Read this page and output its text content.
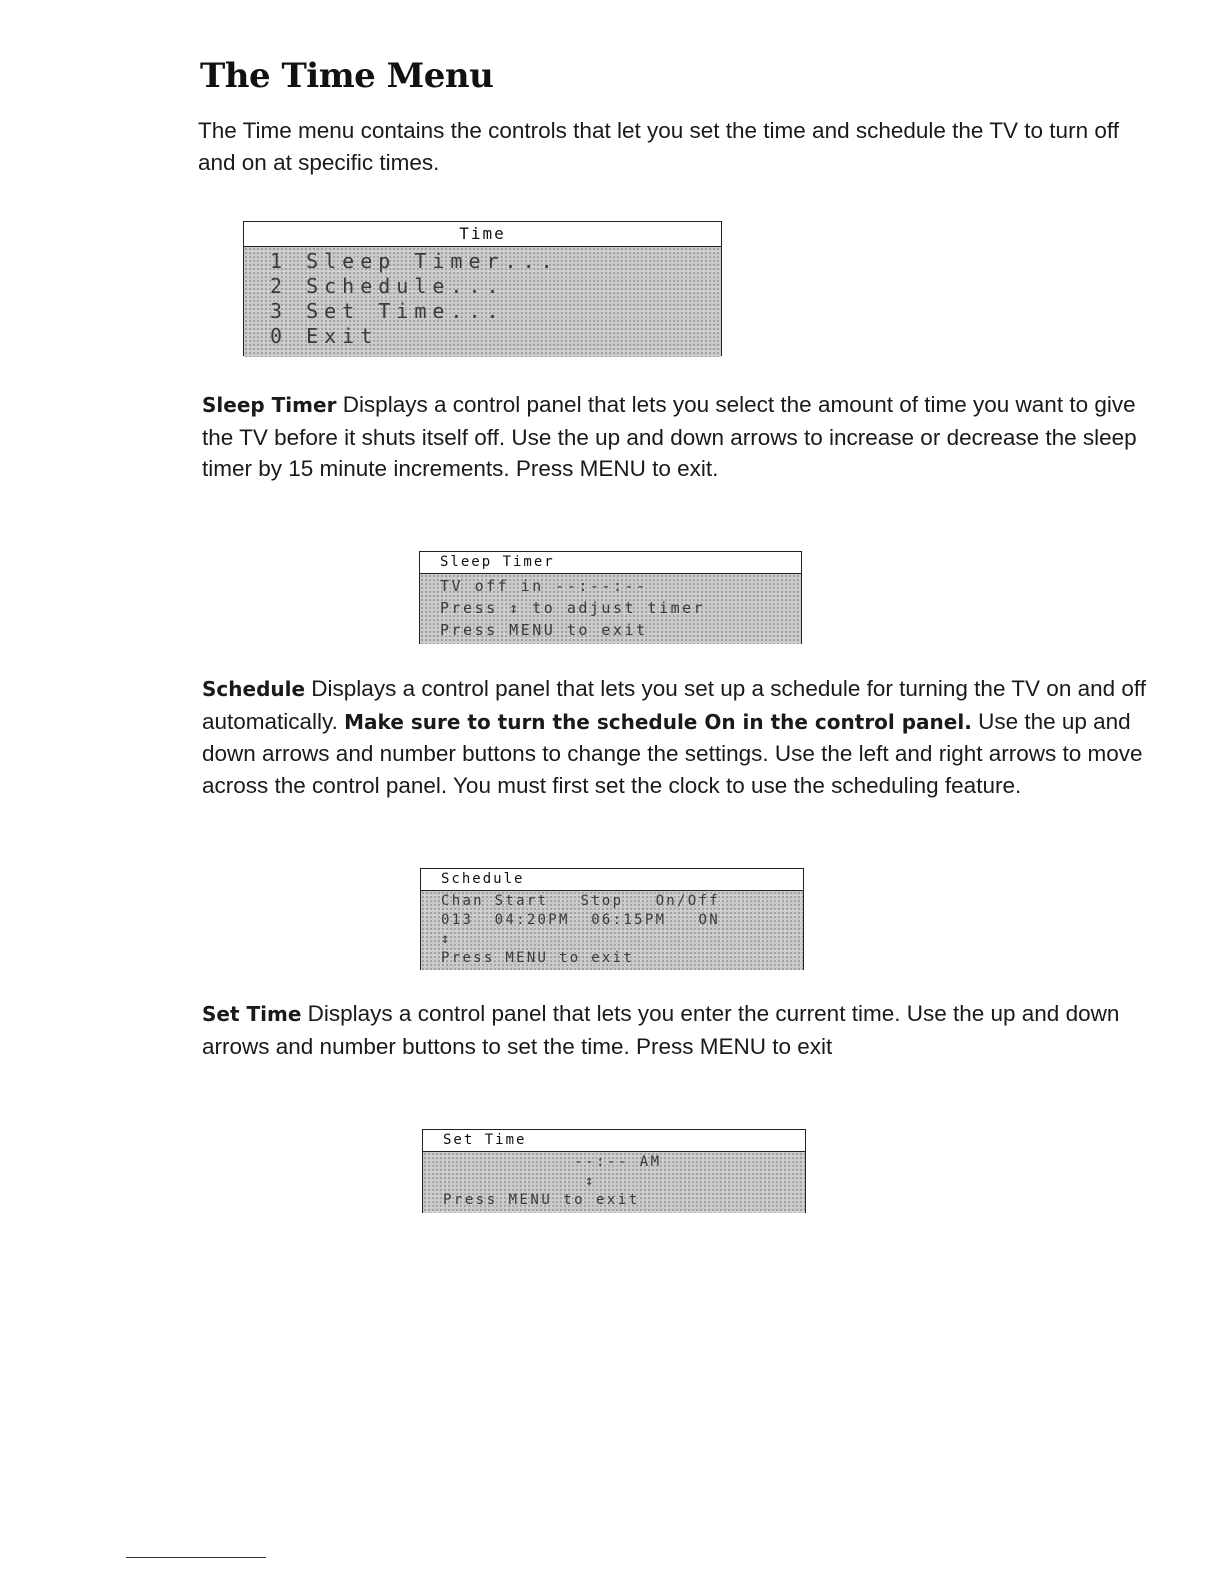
The Time Menu

The Time menu contains the controls that let you set the time and schedule the TV to turn off and on at specific times.

Time
1 Sleep Timer...
2 Schedule...
3 Set Time...
0 Exit

Sleep Timer Displays a control panel that lets you select the amount of time you want to give the TV before it shuts itself off. Use the up and down arrows to increase or decrease the sleep timer by 15 minute increments. Press MENU to exit.

Sleep Timer
TV off in --:--:--
Press ↕ to adjust timer
Press MENU to exit

Schedule Displays a control panel that lets you set up a schedule for turning the TV on and off automatically. Make sure to turn the schedule On in the control panel. Use the up and down arrows and number buttons to change the settings. Use the left and right arrows to move across the control panel. You must first set the clock to use the scheduling feature.

Schedule
Chan Start   Stop   On/Off
013  04:20PM  06:15PM   ON
↕
Press MENU to exit

Set Time Displays a control panel that lets you enter the current time. Use the up and down arrows and number buttons to set the time. Press MENU to exit

Set Time
--:-- AM
↕
Press MENU to exit
